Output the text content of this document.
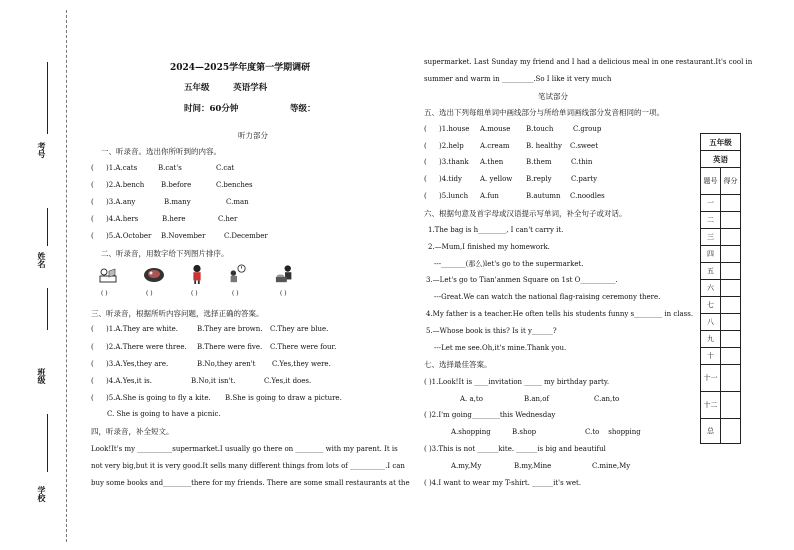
考号
姓名
班级
学校
2024—2025学年度第一学期调研
五年级        英语学科
时间：60分钟	等级：
听力部分
一、听录音。选出你所听到的内容。
( )1.A.cats	B.cat's	C.cat
( )2.A.bench B.before	C.benches
( )3.A.any	B.many	C.man
( )4.A.hers	B.here	C.her
( )5.A.October B.November	C.December
二、听录音，用数字给下列图片排序。
( )	( )	( )	( )	( )
三、听录音，根据所听内容问题，选择正确的答案。
( )1.A.They are white.	B.They are brown. C.They are blue.
( )2.A.There were three. B.There were five. C.There were four.
( )3.A.Yes,they are.	B.No,they aren't C.Yes,they were.
( )4.A.Yes,it is.	B.No,it isn't.	C.Yes,it does.
( )5.A.She is going to fly a kite. B.She is going to draw a picture.
C. She is going to have a picnic.
四，听录音，补全短文。
Look!It's my __________supermarket.I usually go there on ________ with my parent. It is
not very big,but it is very good.It sells many different things from lots of __________.I can
buy some books and________there for my friends. There are some small restaurants at the
supermarket. Last Sunday my friend and I had a delicious meal in one restaurant.It's cool in
summer and warm in _________.So I like it very much
笔试部分
五、选出下列每组单词中画线部分与所给单词画线部分发音相同的一项。
( )1.house A.mouse B.touch	C.group
( )2.help A.cream B. healthy C.sweet
( )3.thank A.then	B.them	C.thin
( )4.tidy	A. yellow B.reply	C.party
( )5.lunch A.fun	B.autumn C.noodles
六、根据句意及首字母或汉语提示写单词，补全句子或对话。
1.The bag is h________, I can't carry it.
2.—Mum,I finished my homework.
---_______(那么)let's go to the supermarket.
3.—Let's go to Tian'anmen Square on 1st O__________.
---Great.We can watch the national flag-raising ceremony there.
4.My father is a teacher.He often tells his students funny s________ in class.
5.—Whose book is this? Is it y______?
---Let me see.Oh,it's mine.Thank you.
七、选择最佳答案。
( )1.Look!It is ____invitation _____ my birthday party.
A. a,to	B.an,of	C.an,to
( )2.I'm going________this Wednesday
A.shopping	B.shop	C.to    shopping
( )3.This is not ______kite. ______is big and beautiful
A.my,My	B.my,Mine	C.mine,My
( )4.I want to wear my T-shirt. ______it's wet.
五年级	
英语	
题号	得分
一	
二	
三	
四	
五	
六	
七	
八	
九	
十	
十一	
十二	
总	
